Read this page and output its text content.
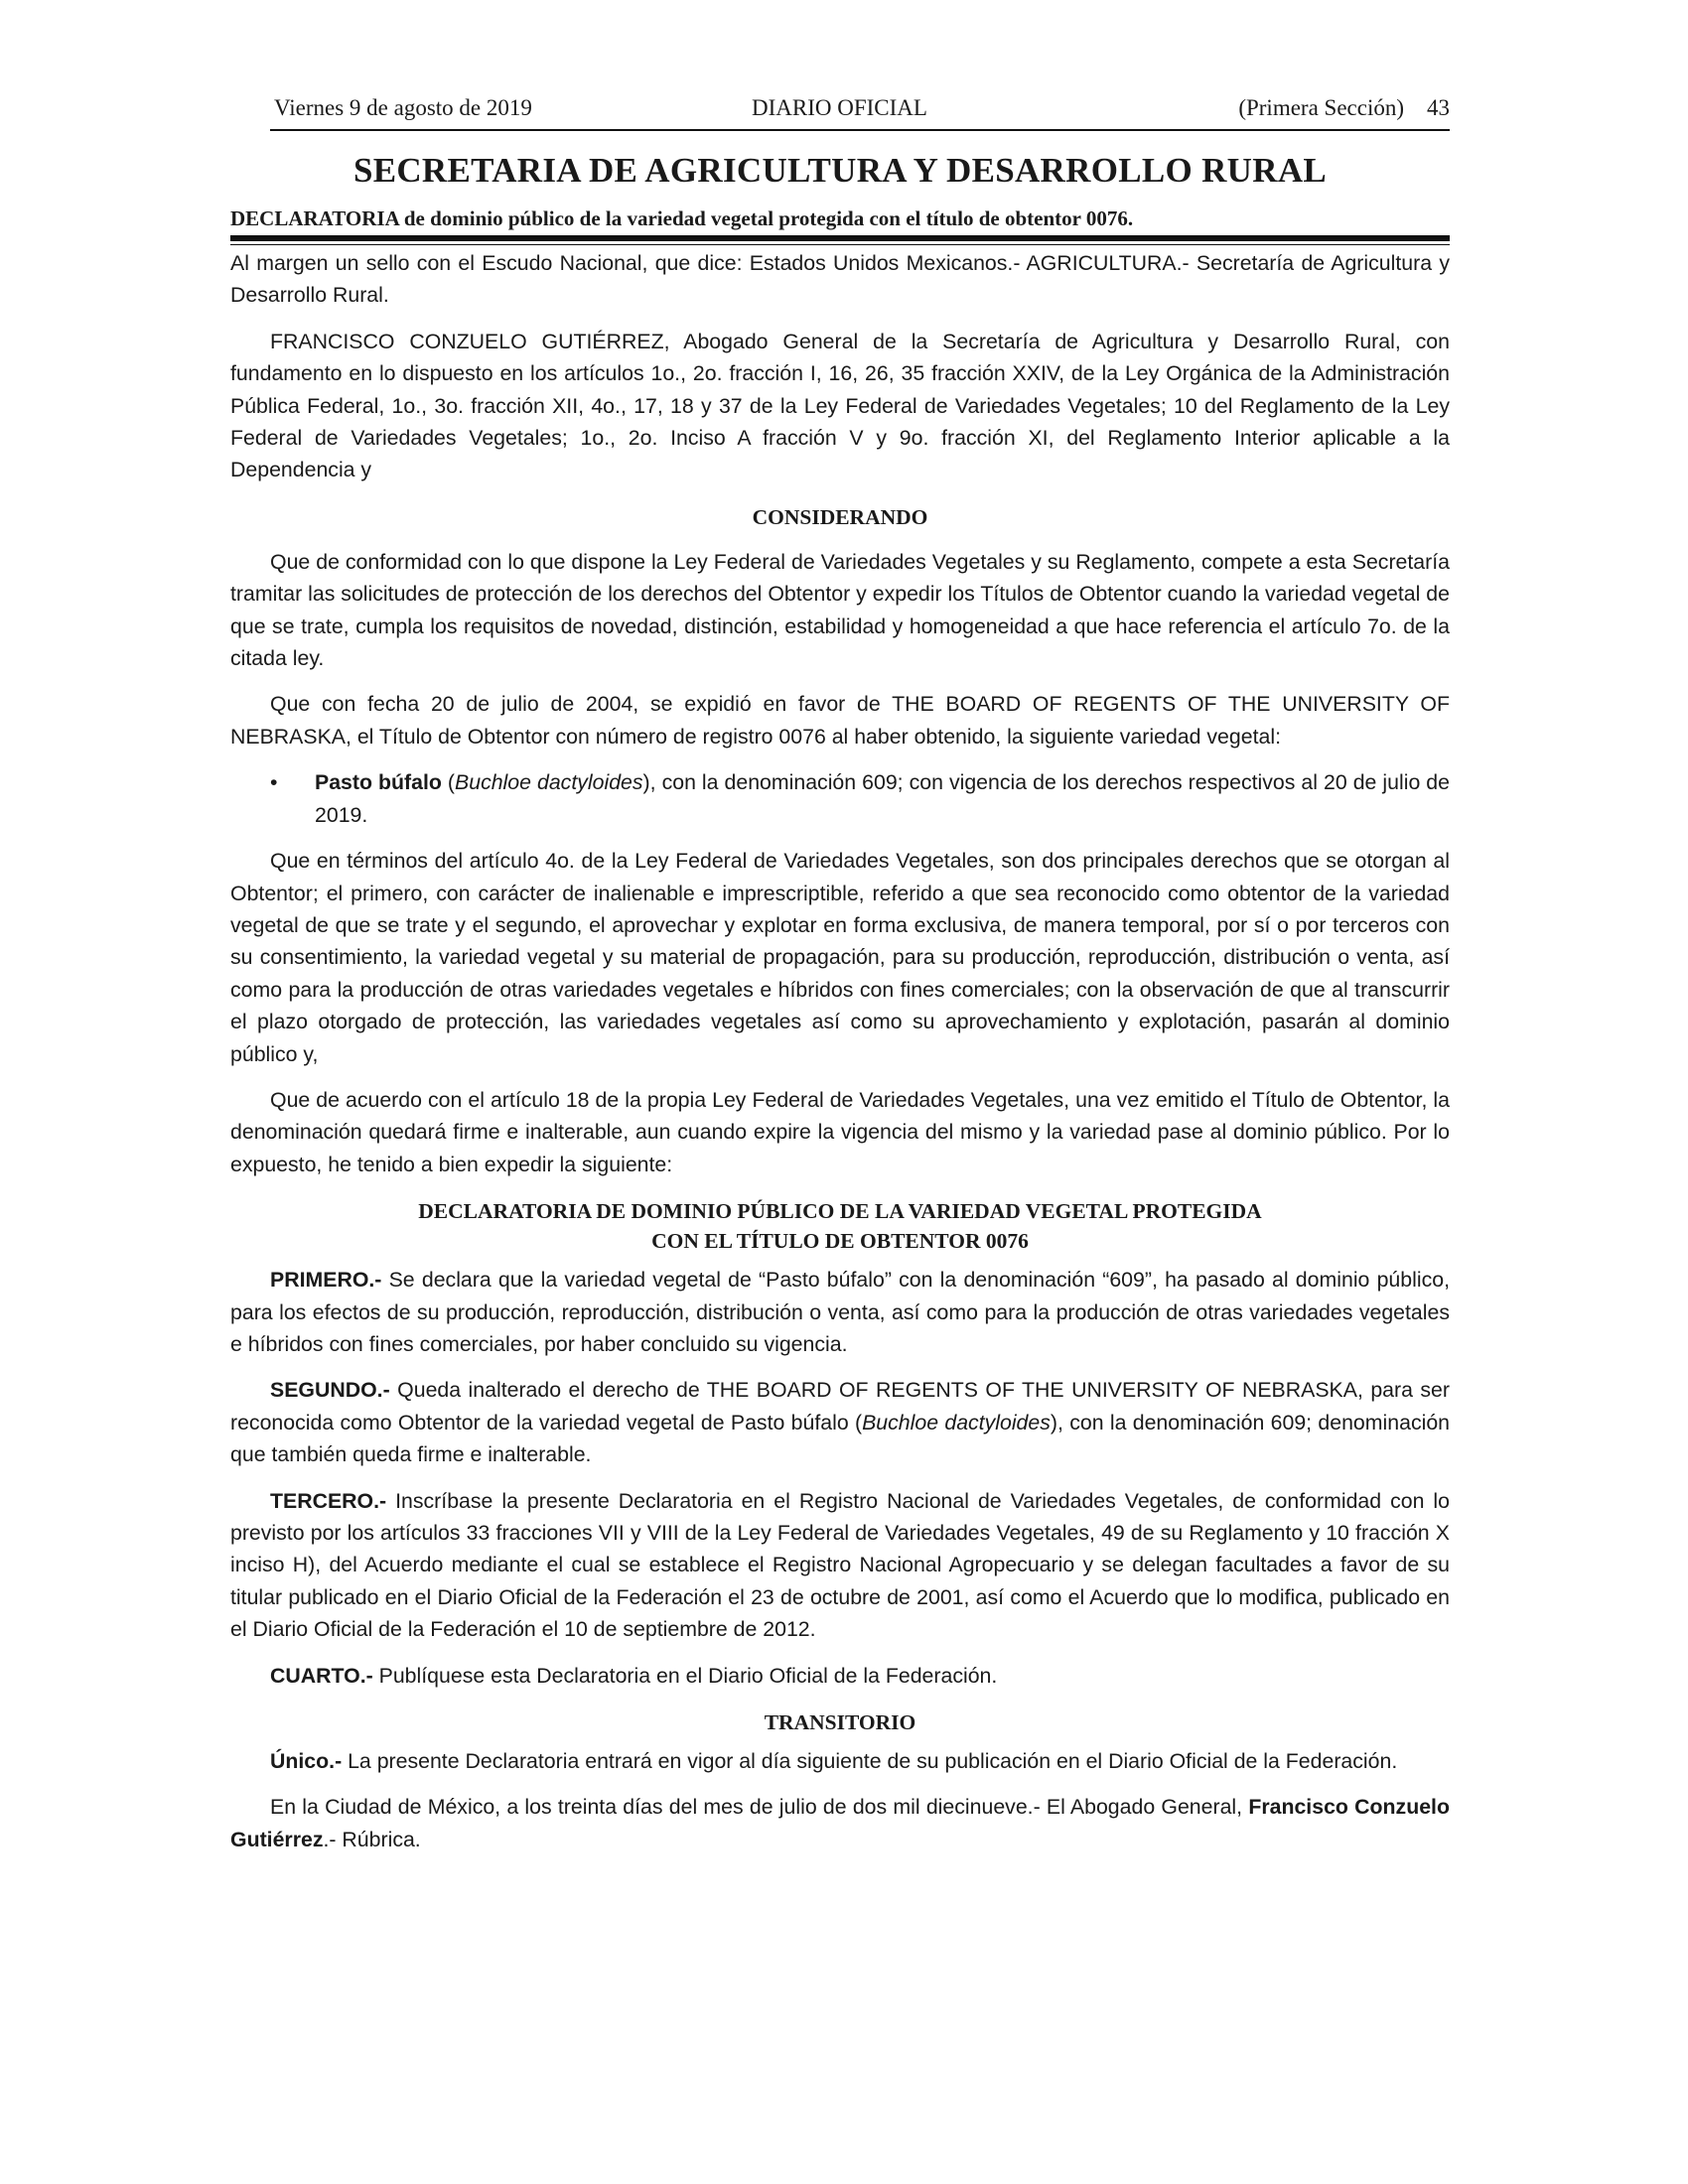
Viernes 9 de agosto de 2019	DIARIO OFICIAL	(Primera Sección) 43
SECRETARIA DE AGRICULTURA Y DESARROLLO RURAL
DECLARATORIA de dominio público de la variedad vegetal protegida con el título de obtentor 0076.

Al margen un sello con el Escudo Nacional, que dice: Estados Unidos Mexicanos.- AGRICULTURA.- Secretaría de Agricultura y Desarrollo Rural.

FRANCISCO CONZUELO GUTIÉRREZ, Abogado General de la Secretaría de Agricultura y Desarrollo Rural, con fundamento en lo dispuesto en los artículos 1o., 2o. fracción I, 16, 26, 35 fracción XXIV, de la Ley Orgánica de la Administración Pública Federal, 1o., 3o. fracción XII, 4o., 17, 18 y 37 de la Ley Federal de Variedades Vegetales; 10 del Reglamento de la Ley Federal de Variedades Vegetales; 1o., 2o. Inciso A fracción V y 9o. fracción XI, del Reglamento Interior aplicable a la Dependencia y

CONSIDERANDO

Que de conformidad con lo que dispone la Ley Federal de Variedades Vegetales y su Reglamento, compete a esta Secretaría tramitar las solicitudes de protección de los derechos del Obtentor y expedir los Títulos de Obtentor cuando la variedad vegetal de que se trate, cumpla los requisitos de novedad, distinción, estabilidad y homogeneidad a que hace referencia el artículo 7o. de la citada ley.

Que con fecha 20 de julio de 2004, se expidió en favor de THE BOARD OF REGENTS OF THE UNIVERSITY OF NEBRASKA, el Título de Obtentor con número de registro 0076 al haber obtenido, la siguiente variedad vegetal:

• Pasto búfalo (Buchloe dactyloides), con la denominación 609; con vigencia de los derechos respectivos al 20 de julio de 2019.

Que en términos del artículo 4o. de la Ley Federal de Variedades Vegetales, son dos principales derechos que se otorgan al Obtentor; el primero, con carácter de inalienable e imprescriptible, referido a que sea reconocido como obtentor de la variedad vegetal de que se trate y el segundo, el aprovechar y explotar en forma exclusiva, de manera temporal, por sí o por terceros con su consentimiento, la variedad vegetal y su material de propagación, para su producción, reproducción, distribución o venta, así como para la producción de otras variedades vegetales e híbridos con fines comerciales; con la observación de que al transcurrir el plazo otorgado de protección, las variedades vegetales así como su aprovechamiento y explotación, pasarán al dominio público y,

Que de acuerdo con el artículo 18 de la propia Ley Federal de Variedades Vegetales, una vez emitido el Título de Obtentor, la denominación quedará firme e inalterable, aun cuando expire la vigencia del mismo y la variedad pase al dominio público. Por lo expuesto, he tenido a bien expedir la siguiente:

DECLARATORIA DE DOMINIO PÚBLICO DE LA VARIEDAD VEGETAL PROTEGIDA
CON EL TÍTULO DE OBTENTOR 0076

PRIMERO.- Se declara que la variedad vegetal de “Pasto búfalo” con la denominación “609”, ha pasado al dominio público, para los efectos de su producción, reproducción, distribución o venta, así como para la producción de otras variedades vegetales e híbridos con fines comerciales, por haber concluido su vigencia.

SEGUNDO.- Queda inalterado el derecho de THE BOARD OF REGENTS OF THE UNIVERSITY OF NEBRASKA, para ser reconocida como Obtentor de la variedad vegetal de Pasto búfalo (Buchloe dactyloides), con la denominación 609; denominación que también queda firme e inalterable.

TERCERO.- Inscríbase la presente Declaratoria en el Registro Nacional de Variedades Vegetales, de conformidad con lo previsto por los artículos 33 fracciones VII y VIII de la Ley Federal de Variedades Vegetales, 49 de su Reglamento y 10 fracción X inciso H), del Acuerdo mediante el cual se establece el Registro Nacional Agropecuario y se delegan facultades a favor de su titular publicado en el Diario Oficial de la Federación el 23 de octubre de 2001, así como el Acuerdo que lo modifica, publicado en el Diario Oficial de la Federación el 10 de septiembre de 2012.

CUARTO.- Publíquese esta Declaratoria en el Diario Oficial de la Federación.

TRANSITORIO

Único.- La presente Declaratoria entrará en vigor al día siguiente de su publicación en el Diario Oficial de la Federación.

En la Ciudad de México, a los treinta días del mes de julio de dos mil diecinueve.- El Abogado General, Francisco Conzuelo Gutiérrez.- Rúbrica.
